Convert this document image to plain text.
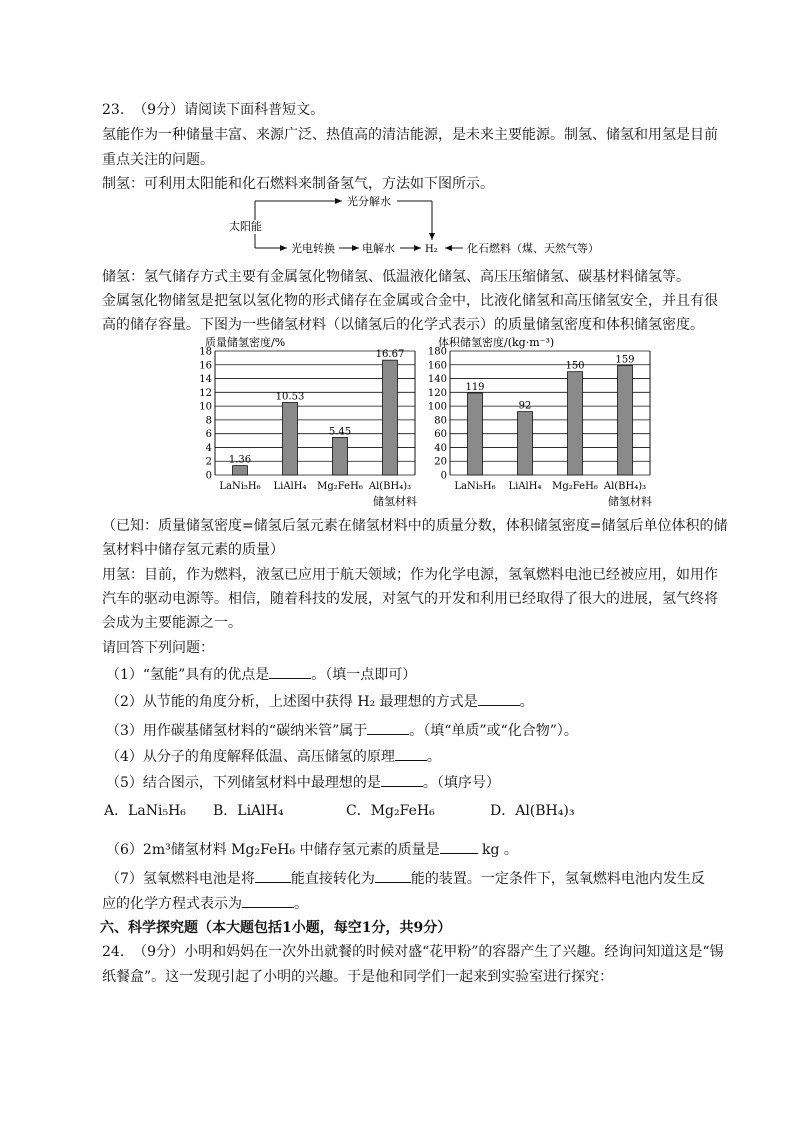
23. （9分）请阅读下面科普短文。
氢能作为一种储量丰富、来源广泛、热值高的清洁能源，是未来主要能源。制氢、储氢和用氢是目前
重点关注的问题。
制氢：可利用太阳能和化石燃料来制备氢气，方法如下图所示。
太阳能
光分解水
光电转换 电解水	H₂	化石燃料（煤、天然气等）
储氢：氢气储存方式主要有金属氢化物储氢、低温液化储氢、高压压缩储氢、碳基材料储氢等。
金属氢化物储氢是把氢以氢化物的形式储存在金属或合金中，比液化储氢和高压储氢安全，并且有很
高的储存容量。下图为一些储氢材料（以储氢后的化学式表示）的质量储氢密度和体积储氢密度。
质量储氢密度/%
0
2
4
6
8
10
12
14
16
18
1.36
LaNi₅H₆
10.53
LiAlH₄
5.45
Mg₂FeH₆
16.67
Al(BH₄)₃
储氢材料
体积储氢密度/(kg·m⁻³)
0
20
40
60
80
100
120
140
160
180
119
LaNi₅H₆
92
LiAlH₄
150
Mg₂FeH₆
159
Al(BH₄)₃
储氢材料
（已知：质量储氢密度=储氢后氢元素在储氢材料中的质量分数，体积储氢密度=储氢后单位体积的储
氢材料中储存氢元素的质量）
用氢：目前，作为燃料，液氢已应用于航天领域；作为化学电源，氢氧燃料电池已经被应用，如用作
汽车的驱动电源等。相信，随着科技的发展，对氢气的开发和利用已经取得了很大的进展，氢气终将
会成为主要能源之一。
请回答下列问题：
（1）“氢能”具有的优点是	。（填一点即可）
（2）从节能的角度分析，上述图中获得 H₂ 最理想的方式是	。
（3）用作碳基储氢材料的“碳纳米管”属于	。（填“单质”或“化合物”）。
（4）从分子的角度解释低温、高压储氢的原理 。
（5）结合图示，下列储氢材料中最理想的是	。（填序号）
A．LaNi₅H₆ B．LiAlH₄	C．Mg₂FeH₆	D．Al(BH₄)₃
（6）2m³储氢材料 Mg₂FeH₆ 中储存氢元素的质量是	kg 。
（7）氢氧燃料电池是将	能直接转化为	能的装置。一定条件下，氢氧燃料电池内发生反
应的化学方程式表示为	。
六、科学探究题（本大题包括1小题，每空1分，共9分）
24. （9分）小明和妈妈在一次外出就餐的时候对盛“花甲粉”的容器产生了兴趣。经询问知道这是“锡
纸餐盒”。这一发现引起了小明的兴趣。于是他和同学们一起来到实验室进行探究：
